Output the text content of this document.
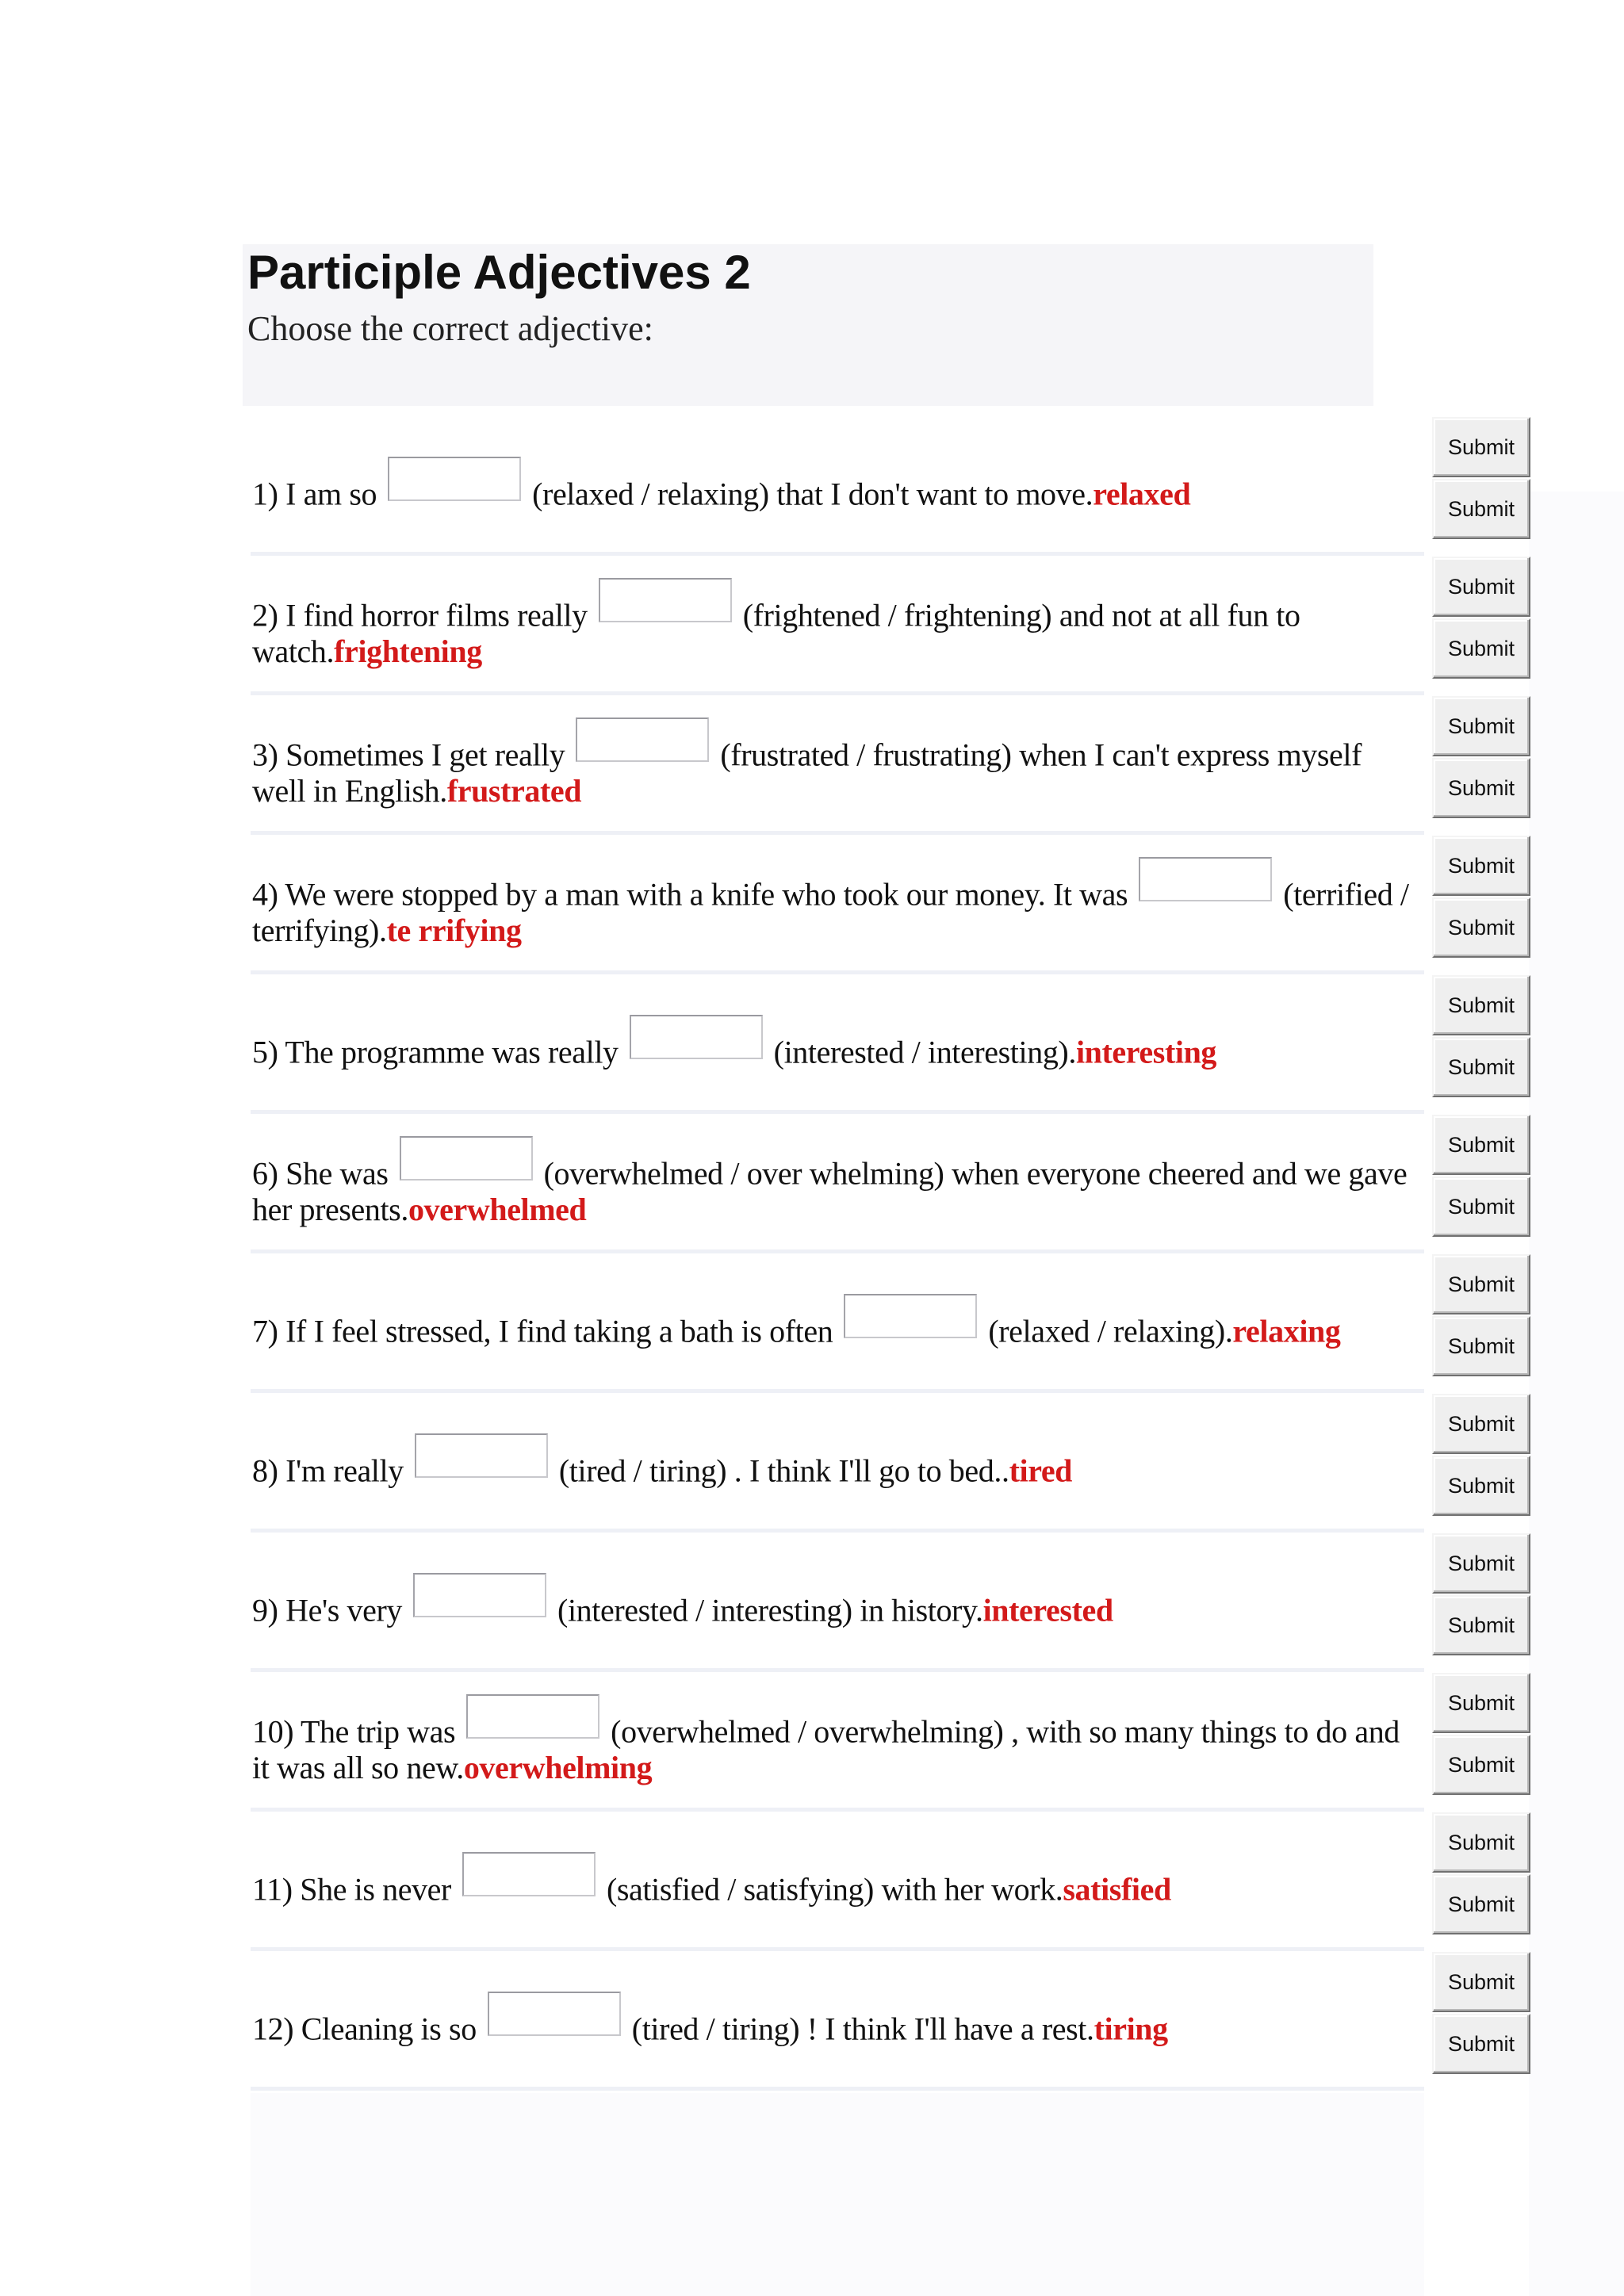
Participle Adjectives 2

Choose the correct adjective:

1) I am so	(relaxed / relaxing) that I don't want to move.relaxed
Submit
Submit
2) I find horror films really	(frightened / frightening) and not at all fun to watch.frightening
Submit
Submit
3) Sometimes I get really	(frustrated / frustrating) when I can't express myself well in English.frustrated
Submit
Submit
4) We were stopped by a man with a knife who took our money. It was	(terrified / terrifying).te rrifying
Submit
Submit
5) The programme was really	(interested / interesting).interesting
Submit
Submit
6) She was	(overwhelmed / over whelming) when everyone cheered and we gave her presents.overwhelmed
Submit
Submit
7) If I feel stressed, I find taking a bath is often	(relaxed / relaxing).relaxing
Submit
Submit
8) I'm really	(tired / tiring) . I think I'll go to bed..tired
Submit
Submit
9) He's very	(interested / interesting) in history.interested
Submit
Submit
10) The trip was	(overwhelmed / overwhelming) , with so many things to do and it was all so new.overwhelming
Submit
Submit
11) She is never	(satisfied / satisfying) with her work.satisfied
Submit
Submit
12) Cleaning is so	(tired / tiring) ! I think I'll have a rest.tiring
Submit
Submit
